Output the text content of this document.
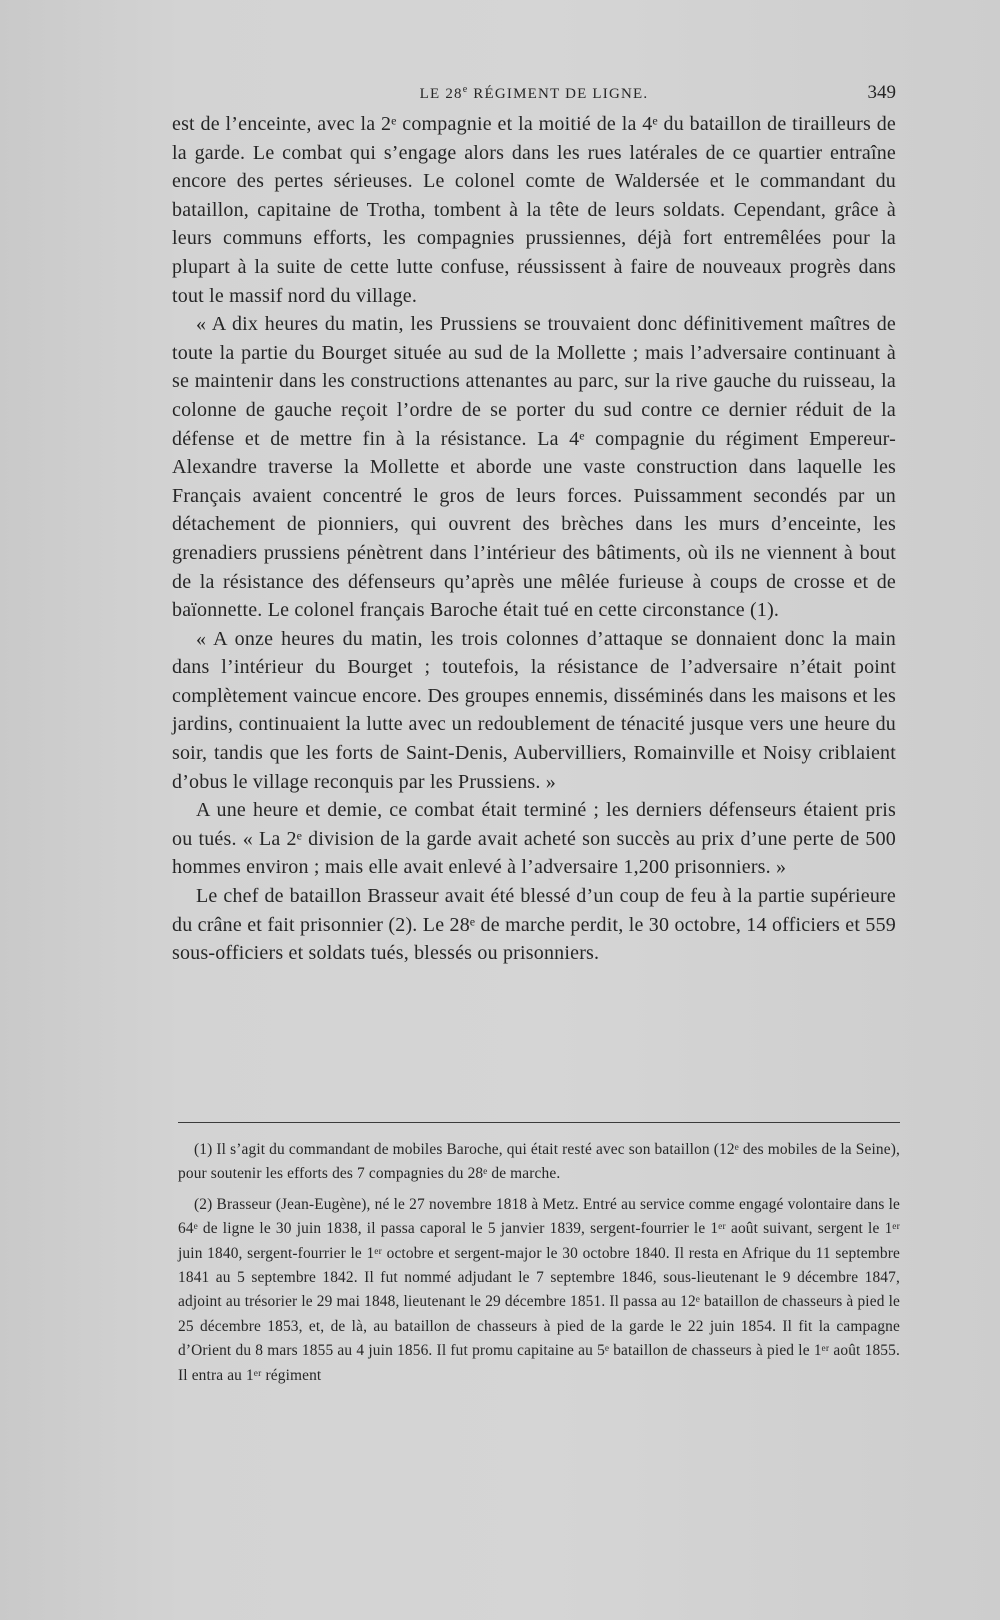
LE 28e RÉGIMENT DE LIGNE.	349

est de l’enceinte, avec la 2ᵉ compagnie et la moitié de la 4ᵉ du bataillon de tirailleurs de la garde. Le combat qui s’engage alors dans les rues latérales de ce quartier entraîne encore des pertes sérieuses. Le colonel comte de Waldersée et le commandant du bataillon, capitaine de Trotha, tombent à la tête de leurs soldats. Cependant, grâce à leurs communs efforts, les compagnies prussiennes, déjà fort entremêlées pour la plupart à la suite de cette lutte confuse, réussissent à faire de nouveaux progrès dans tout le massif nord du village.

« A dix heures du matin, les Prussiens se trouvaient donc définitivement maîtres de toute la partie du Bourget située au sud de la Mollette ; mais l’adversaire continuant à se maintenir dans les constructions attenantes au parc, sur la rive gauche du ruisseau, la colonne de gauche reçoit l’ordre de se porter du sud contre ce dernier réduit de la défense et de mettre fin à la résistance. La 4ᵉ compagnie du régiment Empereur-Alexandre traverse la Mollette et aborde une vaste construction dans laquelle les Français avaient concentré le gros de leurs forces. Puissamment secondés par un détachement de pionniers, qui ouvrent des brèches dans les murs d’enceinte, les grenadiers prussiens pénètrent dans l’intérieur des bâtiments, où ils ne viennent à bout de la résistance des défenseurs qu’après une mêlée furieuse à coups de crosse et de baïonnette. Le colonel français Baroche était tué en cette circonstance (1).

« A onze heures du matin, les trois colonnes d’attaque se donnaient donc la main dans l’intérieur du Bourget ; toutefois, la résistance de l’adversaire n’était point complètement vaincue encore. Des groupes ennemis, disséminés dans les maisons et les jardins, continuaient la lutte avec un redoublement de ténacité jusque vers une heure du soir, tandis que les forts de Saint-Denis, Aubervilliers, Romainville et Noisy criblaient d’obus le village reconquis par les Prussiens. »

A une heure et demie, ce combat était terminé ; les derniers défenseurs étaient pris ou tués. « La 2ᵉ division de la garde avait acheté son succès au prix d’une perte de 500 hommes environ ; mais elle avait enlevé à l’adversaire 1,200 prisonniers. »

Le chef de bataillon Brasseur avait été blessé d’un coup de feu à la partie supérieure du crâne et fait prisonnier (2). Le 28ᵉ de marche perdit, le 30 octobre, 14 officiers et 559 sous-officiers et soldats tués, blessés ou prisonniers.

(1) Il s’agit du commandant de mobiles Baroche, qui était resté avec son bataillon (12ᵉ des mobiles de la Seine), pour soutenir les efforts des 7 compagnies du 28ᵉ de marche.

(2) Brasseur (Jean-Eugène), né le 27 novembre 1818 à Metz. Entré au service comme engagé volontaire dans le 64ᵉ de ligne le 30 juin 1838, il passa caporal le 5 janvier 1839, sergent-fourrier le 1ᵉʳ août suivant, sergent le 1ᵉʳ juin 1840, sergent-fourrier le 1ᵉʳ octobre et sergent-major le 30 octobre 1840. Il resta en Afrique du 11 septembre 1841 au 5 septembre 1842. Il fut nommé adjudant le 7 septembre 1846, sous-lieutenant le 9 décembre 1847, adjoint au trésorier le 29 mai 1848, lieutenant le 29 décembre 1851. Il passa au 12ᵉ bataillon de chasseurs à pied le 25 décembre 1853, et, de là, au bataillon de chasseurs à pied de la garde le 22 juin 1854. Il fit la campagne d’Orient du 8 mars 1855 au 4 juin 1856. Il fut promu capitaine au 5ᵉ bataillon de chasseurs à pied le 1ᵉʳ août 1855. Il entra au 1ᵉʳ régiment
